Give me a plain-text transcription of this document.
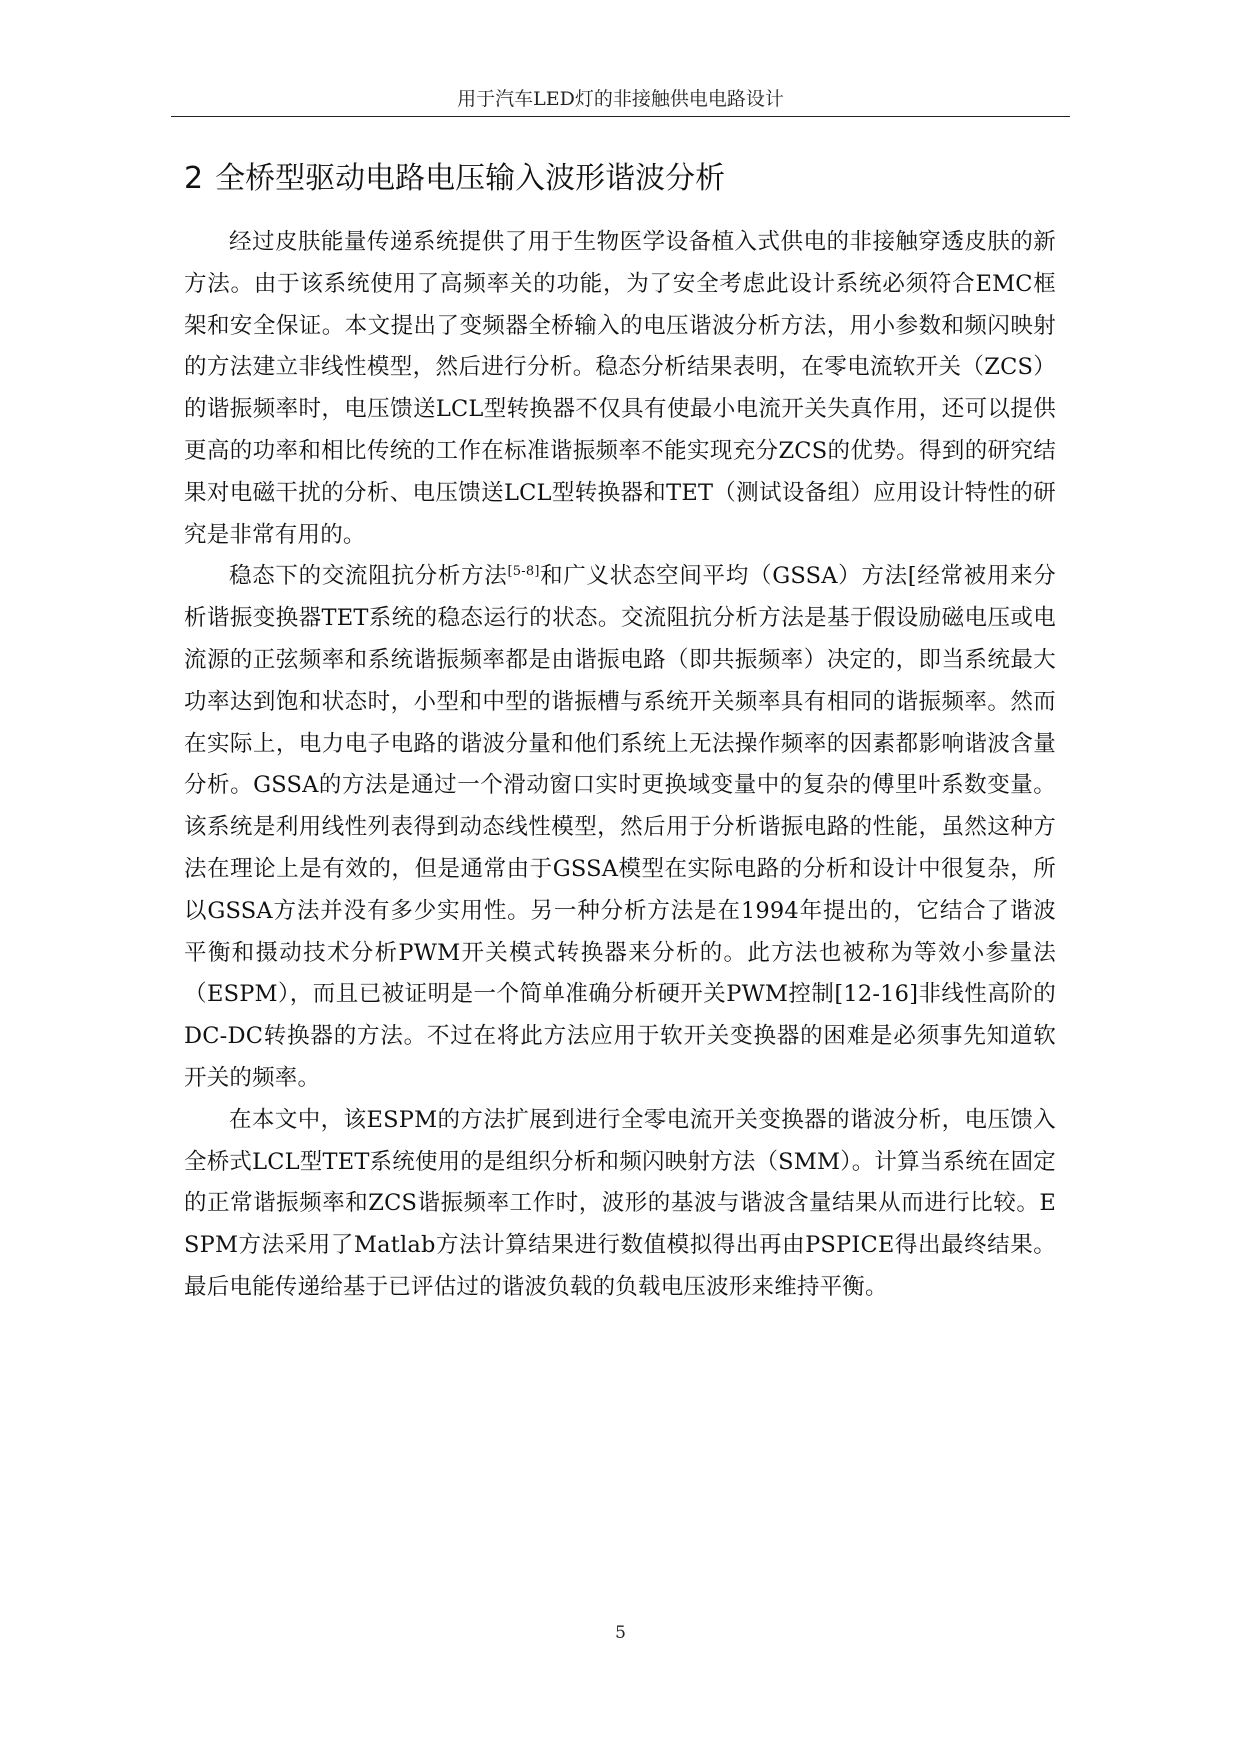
用于汽车LED灯的非接触供电电路设计
2 全桥型驱动电路电压输入波形谐波分析

经过皮肤能量传递系统提供了用于生物医学设备植入式供电的非接触穿透皮肤的新方法。由于该系统使用了高频率关的功能，为了安全考虑此设计系统必须符合EMC框架和安全保证。本文提出了变频器全桥输入的电压谐波分析方法，用小参数和频闪映射的方法建立非线性模型，然后进行分析。稳态分析结果表明，在零电流软开关（ZCS）的谐振频率时，电压馈送LCL型转换器不仅具有使最小电流开关失真作用，还可以提供更高的功率和相比传统的工作在标准谐振频率不能实现充分ZCS的优势。得到的研究结果对电磁干扰的分析、电压馈送LCL型转换器和TET（测试设备组）应用设计特性的研究是非常有用的。

稳态下的交流阻抗分析方法[5-8]和广义状态空间平均（GSSA）方法[经常被用来分析谐振变换器TET系统的稳态运行的状态。交流阻抗分析方法是基于假设励磁电压或电流源的正弦频率和系统谐振频率都是由谐振电路（即共振频率）决定的，即当系统最大功率达到饱和状态时，小型和中型的谐振槽与系统开关频率具有相同的谐振频率。然而在实际上，电力电子电路的谐波分量和他们系统上无法操作频率的因素都影响谐波含量分析。GSSA的方法是通过一个滑动窗口实时更换域变量中的复杂的傅里叶系数变量。该系统是利用线性列表得到动态线性模型，然后用于分析谐振电路的性能，虽然这种方法在理论上是有效的，但是通常由于GSSA模型在实际电路的分析和设计中很复杂，所以GSSA方法并没有多少实用性。另一种分析方法是在1994年提出的，它结合了谐波平衡和摄动技术分析PWM开关模式转换器来分析的。此方法也被称为等效小参量法（ESPM），而且已被证明是一个简单准确分析硬开关PWM控制[12-16]非线性高阶的DC-DC转换器的方法。不过在将此方法应用于软开关变换器的困难是必须事先知道软开关的频率。

在本文中，该ESPM的方法扩展到进行全零电流开关变换器的谐波分析，电压馈入全桥式LCL型TET系统使用的是组织分析和频闪映射方法（SMM）。计算当系统在固定的正常谐振频率和ZCS谐振频率工作时，波形的基波与谐波含量结果从而进行比较。ESPM方法采用了Matlab方法计算结果进行数值模拟得出再由PSPICE得出最终结果。最后电能传递给基于已评估过的谐波负载的负载电压波形来维持平衡。

5
